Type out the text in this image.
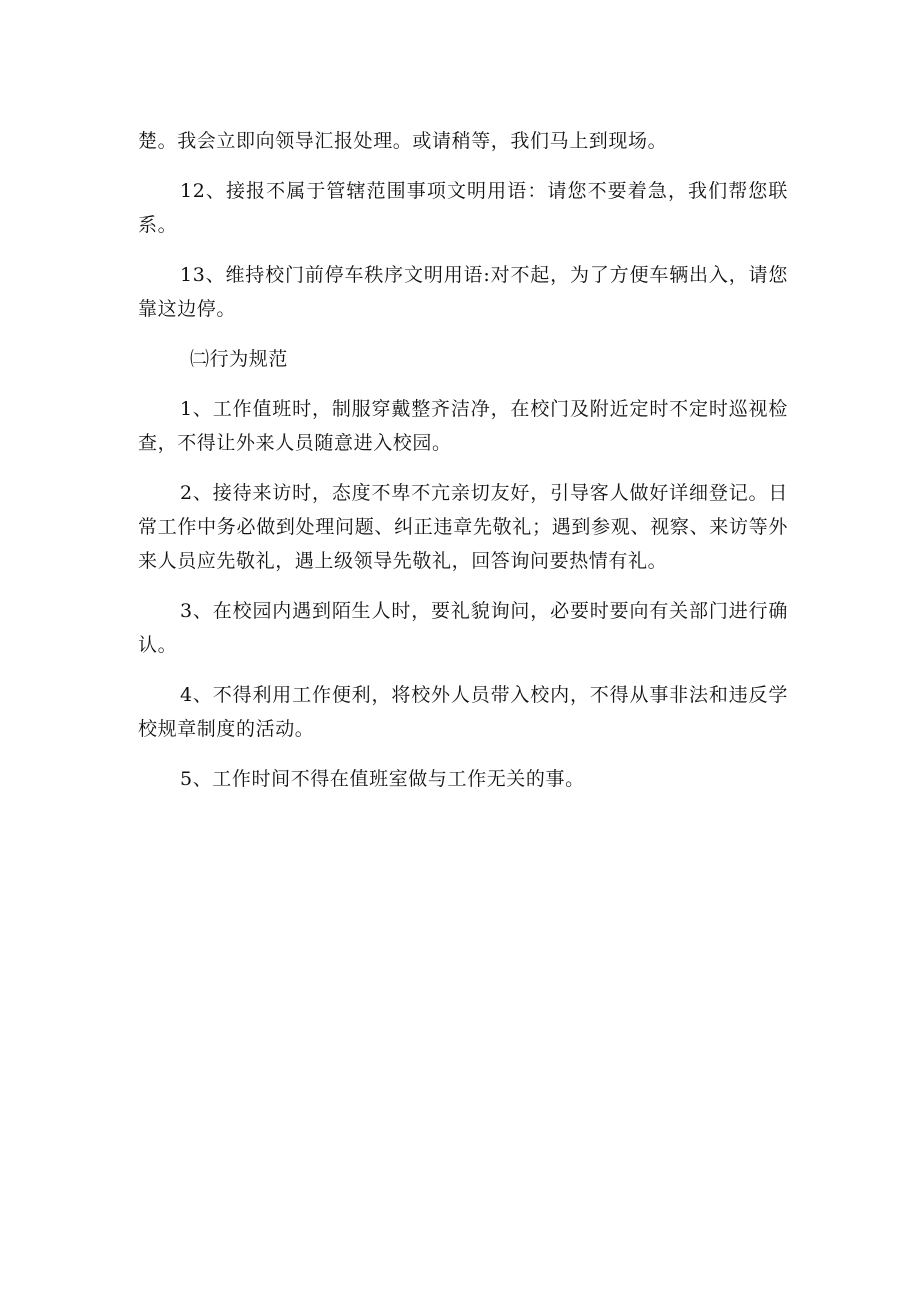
楚。我会立即向领导汇报处理。或请稍等，我们马上到现场。

12、接报不属于管辖范围事项文明用语：请您不要着急，我们帮您联系。

13、维持校门前停车秩序文明用语:对不起，为了方便车辆出入，请您靠这边停。

㈡行为规范

1、工作值班时，制服穿戴整齐洁净，在校门及附近定时不定时巡视检查，不得让外来人员随意进入校园。

2、接待来访时，态度不卑不亢亲切友好，引导客人做好详细登记。日常工作中务必做到处理问题、纠正违章先敬礼；遇到参观、视察、来访等外来人员应先敬礼，遇上级领导先敬礼，回答询问要热情有礼。

3、在校园内遇到陌生人时，要礼貌询问，必要时要向有关部门进行确认。

4、不得利用工作便利，将校外人员带入校内，不得从事非法和违反学校规章制度的活动。

5、工作时间不得在值班室做与工作无关的事。
